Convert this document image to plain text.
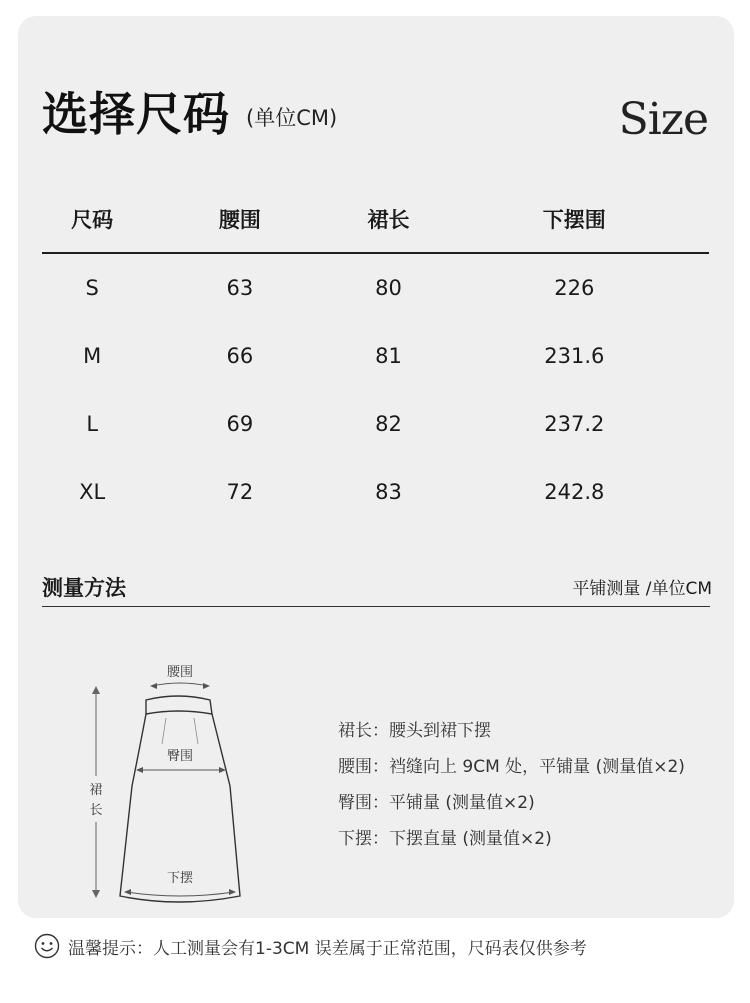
选择尺码 (单位CM)	Size
尺码	腰围	裙长	下摆围
S	63	80	226
M	66	81	231.6
L	69	82	237.2
XL	72	83	242.8
测量方法	平铺测量 /单位CM
裙
长
腰围
臀围
下摆
裙长：腰头到裙下摆
腰围：裆缝向上 9CM 处，平铺量 (测量值×2)
臀围：平铺量 (测量值×2)
下摆：下摆直量 (测量值×2)
温馨提示：人工测量会有1-3CM 误差属于正常范围，尺码表仅供参考
